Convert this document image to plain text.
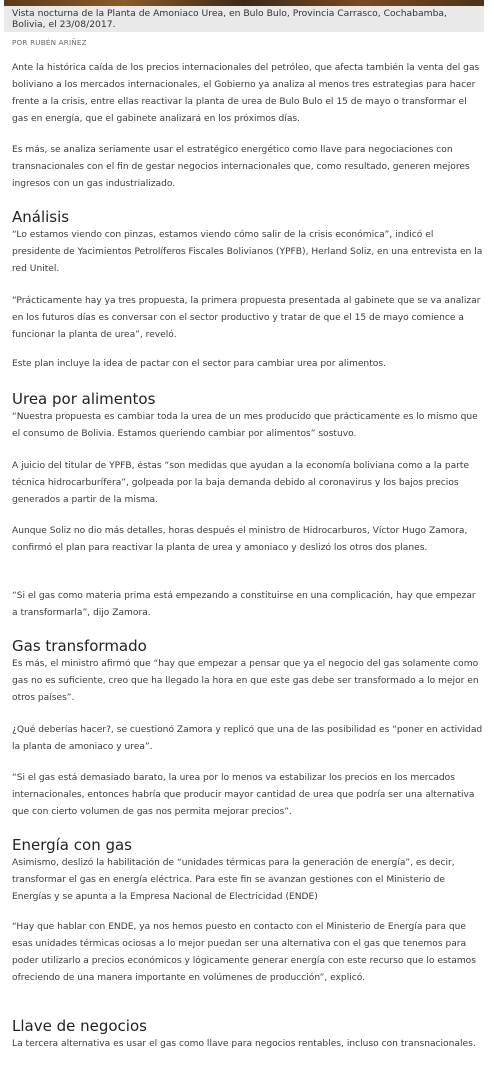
Vista nocturna de la Planta de Amoniaco Urea, en Bulo Bulo, Provincia Carrasco, Cochabamba, Bolivia, el 23/08/2017.

POR RUBÉN ARIÑEZ

Ante la histórica caída de los precios internacionales del petróleo, que afecta también la venta del gas boliviano a los mercados internacionales, el Gobierno ya analiza al menos tres estrategias para hacer frente a la crisis, entre ellas reactivar la planta de urea de Bulo Bulo el 15 de mayo o transformar el gas en energía, que el gabinete analizará en los próximos días.

Es más, se analiza seriamente usar el estratégico energético como llave para negociaciones con transnacionales con el fin de gestar negocios internacionales que, como resultado, generen mejores ingresos con un gas industrializado.

Análisis

“Lo estamos viendo con pinzas, estamos viendo cómo salir de la crisis económica”, indicó el presidente de Yacimientos Petrolíferos Fiscales Bolivianos (YPFB), Herland Soliz, en una entrevista en la red Unitel.

“Prácticamente hay ya tres propuesta, la primera propuesta presentada al gabinete que se va analizar en los futuros días es conversar con el sector productivo y tratar de que el 15 de mayo comience a funcionar la planta de urea”, reveló.

Este plan incluye la idea de pactar con el sector para cambiar urea por alimentos.

Urea por alimentos

“Nuestra propuesta es cambiar toda la urea de un mes producido que prácticamente es lo mismo que el consumo de Bolivia. Estamos queriendo cambiar por alimentos” sostuvo.

A juicio del titular de YPFB, éstas “son medidas que ayudan a la economía boliviana como a la parte técnica hidrocarburífera”, golpeada por la baja demanda debido al coronavirus y los bajos precios generados a partir de la misma.

Aunque Soliz no dio más detalles, horas después el ministro de Hidrocarburos, Víctor Hugo Zamora, confirmó el plan para reactivar la planta de urea y amoniaco y deslizó los otros dos planes.

“Si el gas como materia prima está empezando a constituirse en una complicación, hay que empezar a transformarla”, dijo Zamora.

Gas transformado

Es más, el ministro afirmó que “hay que empezar a pensar que ya el negocio del gas solamente como gas no es suficiente, creo que ha llegado la hora en que este gas debe ser transformado a lo mejor en otros países”.

¿Qué deberías hacer?, se cuestionó Zamora y replicó que una de las posibilidad es “poner en actividad la planta de amoniaco y urea”.

“Si el gas está demasiado barato, la urea por lo menos va estabilizar los precios en los mercados internacionales, entonces habría que producir mayor cantidad de urea que podría ser una alternativa que con cierto volumen de gas nos permita mejorar precios”.

Energía con gas

Asimismo, deslizó la habilitación de “unidades térmicas para la generación de energía”, es decir, transformar el gas en energía eléctrica. Para este fin se avanzan gestiones con el Ministerio de Energías y se apunta a la Empresa Nacional de Electricidad (ENDE)

“Hay que hablar con ENDE, ya nos hemos puesto en contacto con el Ministerio de Energía para que esas unidades térmicas ociosas a lo mejor puedan ser una alternativa con el gas que tenemos para poder utilizarlo a precios económicos y lógicamente generar energía con este recurso que lo estamos ofreciendo de una manera importante en volúmenes de producción”, explicó.

Llave de negocios

La tercera alternativa es usar el gas como llave para negocios rentables, incluso con transnacionales.
